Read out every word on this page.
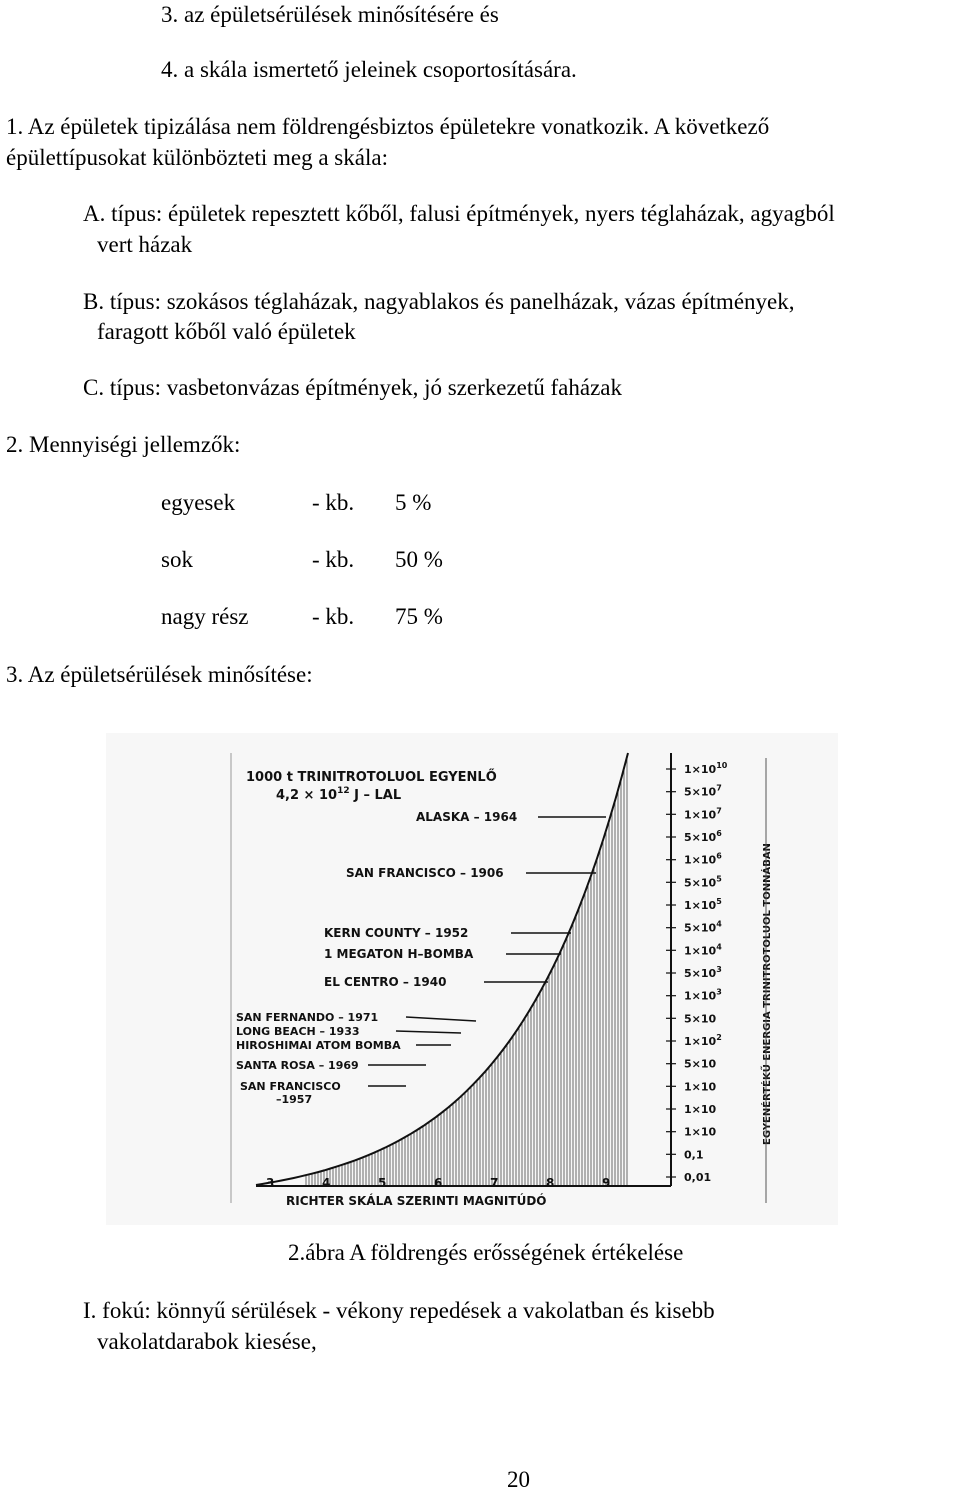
3. az épületsérülések minősítésére és
4. a skála ismertető jeleinek csoportosítására.
1. Az épületek tipizálása nem földrengésbiztos épületekre vonatkozik. A következő
épülettípusokat különbözteti meg a skála:
A. típus: épületek repesztett kőből, falusi építmények, nyers téglaházak, agyagból
vert házak
B. típus: szokásos téglaházak, nagyablakos és panelházak, vázas építmények,
faragott kőből való épületek
C. típus: vasbetonvázas építmények, jó szerkezetű faházak
2. Mennyiségi jellemzők:
egyesek	- kb. 5 %
sok	- kb. 50 %
nagy rész	- kb. 75 %
3. Az épületsérülések minősítése:
$1\times 10^{10}$
$5\times 10^7$
$1\times 10^7$
$5\times 10^6$
$1\times 10^6$
$5\times 10^5$
$1\times 10^5$
$5\times 10^4$
$1\times 10^4$
$5\times 10^3$
$1\times 10^3$
5×10
$1\times 10^2$
5×10
1×10
1×10
1×10
0,1
0,01
3	4	5	6	7	8	9
1000 t TRINITROTOLUOL EGYENLŐ
$4,2 \times 10^{12}$ J – LAL
ALASKA – 1964
SAN FRANCISCO – 1906
KERN COUNTY – 1952
1 MEGATON H–BOMBA
EL CENTRO – 1940
SAN FERNANDO – 1971
LONG BEACH – 1933
HIROSHIMAI ATOM BOMBA
SANTA ROSA – 1969
SAN FRANCISCO
–1957
RICHTER SKÁLA SZERINTI MAGNITÚDÓ
EGYENÉRTÉKŰ ENERGIA TRINITROTOLUOL TONNÁBAN
2.ábra A földrengés erősségének értékelése
I. fokú: könnyű sérülések - vékony repedések a vakolatban és kisebb
vakolatdarabok kiesése,
20
